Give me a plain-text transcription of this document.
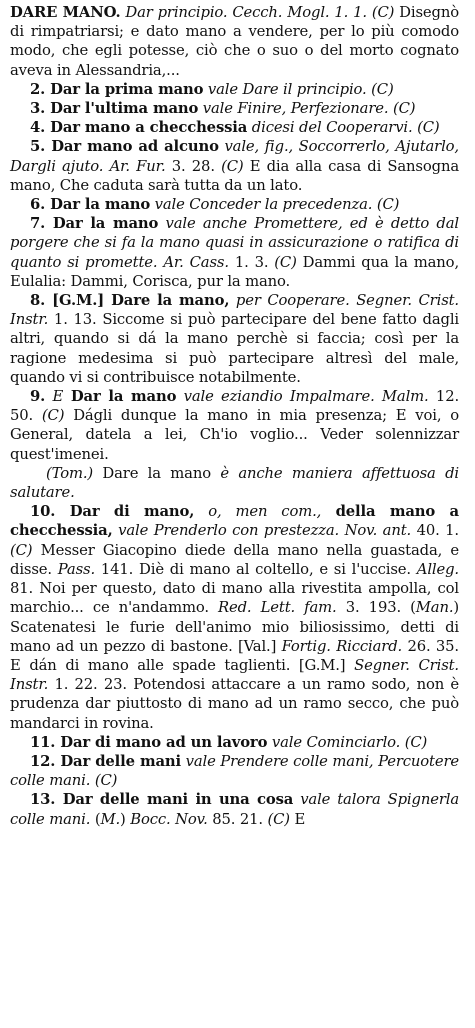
DARE MANO. Dar principio. Cecch. Mogl. 1. 1. (C) Disegnò di rimpatriarsi; e dato mano a vendere, per lo più comodo modo, che egli potesse, ciò che o suo o del morto cognato aveva in Alessandria,...

2. Dar la prima mano vale Dare il principio. (C)

3. Dar l'ultima mano vale Finire, Perfezionare. (C)

4. Dar mano a checchessia dicesi del Cooperarvi. (C)

5. Dar mano ad alcuno vale, fig., Soccorrerlo, Ajutarlo, Dargli ajuto. Ar. Fur. 3. 28. (C) E dia alla casa di Sansogna mano, Che caduta sarà tutta da un lato.

6. Dar la mano vale Conceder la precedenza. (C)

7. Dar la mano vale anche Promettere, ed è detto dal porgere che si fa la mano quasi in assicurazione o ratifica di quanto si promette. Ar. Cass. 1. 3. (C) Dammi qua la mano, Eulalia: Dammi, Corisca, pur la mano.

8. [G.M.] Dare la mano, per Cooperare. Segner. Crist. Instr. 1. 13. Siccome si può partecipare del bene fatto dagli altri, quando si dá la mano perchè si faccia; così per la ragione medesima si può partecipare altresì del male, quando vi si contribuisce notabilmente.

9. E Dar la mano vale eziandio Impalmare. Malm. 12. 50. (C) Dágli dunque la mano in mia presenza; E voi, o General, datela a lei, Ch'io voglio... Veder solennizzar quest'imenei.

(Tom.) Dare la mano è anche maniera affettuosa di salutare.

10. Dar di mano, o, men com., della mano a checchessia, vale Prenderlo con prestezza. Nov. ant. 40. 1. (C) Messer Giacopino diede della mano nella guastada, e disse. Pass. 141. Diè di mano al coltello, e si l'uccise. Alleg. 81. Noi per questo, dato di mano alla rivestita ampolla, col marchio... ce n'andammo. Red. Lett. fam. 3. 193. (Man.) Scatenatesi le furie dell'animo mio biliosissimo, detti di mano ad un pezzo di bastone. [Val.] Fortig. Ricciard. 26. 35. E dán di mano alle spade taglienti. [G.M.] Segner. Crist. Instr. 1. 22. 23. Potendosi attaccare a un ramo sodo, non è prudenza dar piuttosto di mano ad un ramo secco, che può mandarci in rovina.

11. Dar di mano ad un lavoro vale Cominciarlo. (C)

12. Dar delle mani vale Prendere colle mani, Percuotere colle mani. (C)

13. Dar delle mani in una cosa vale talora Spignerla colle mani. (M.) Bocc. Nov. 85. 21. (C) E
